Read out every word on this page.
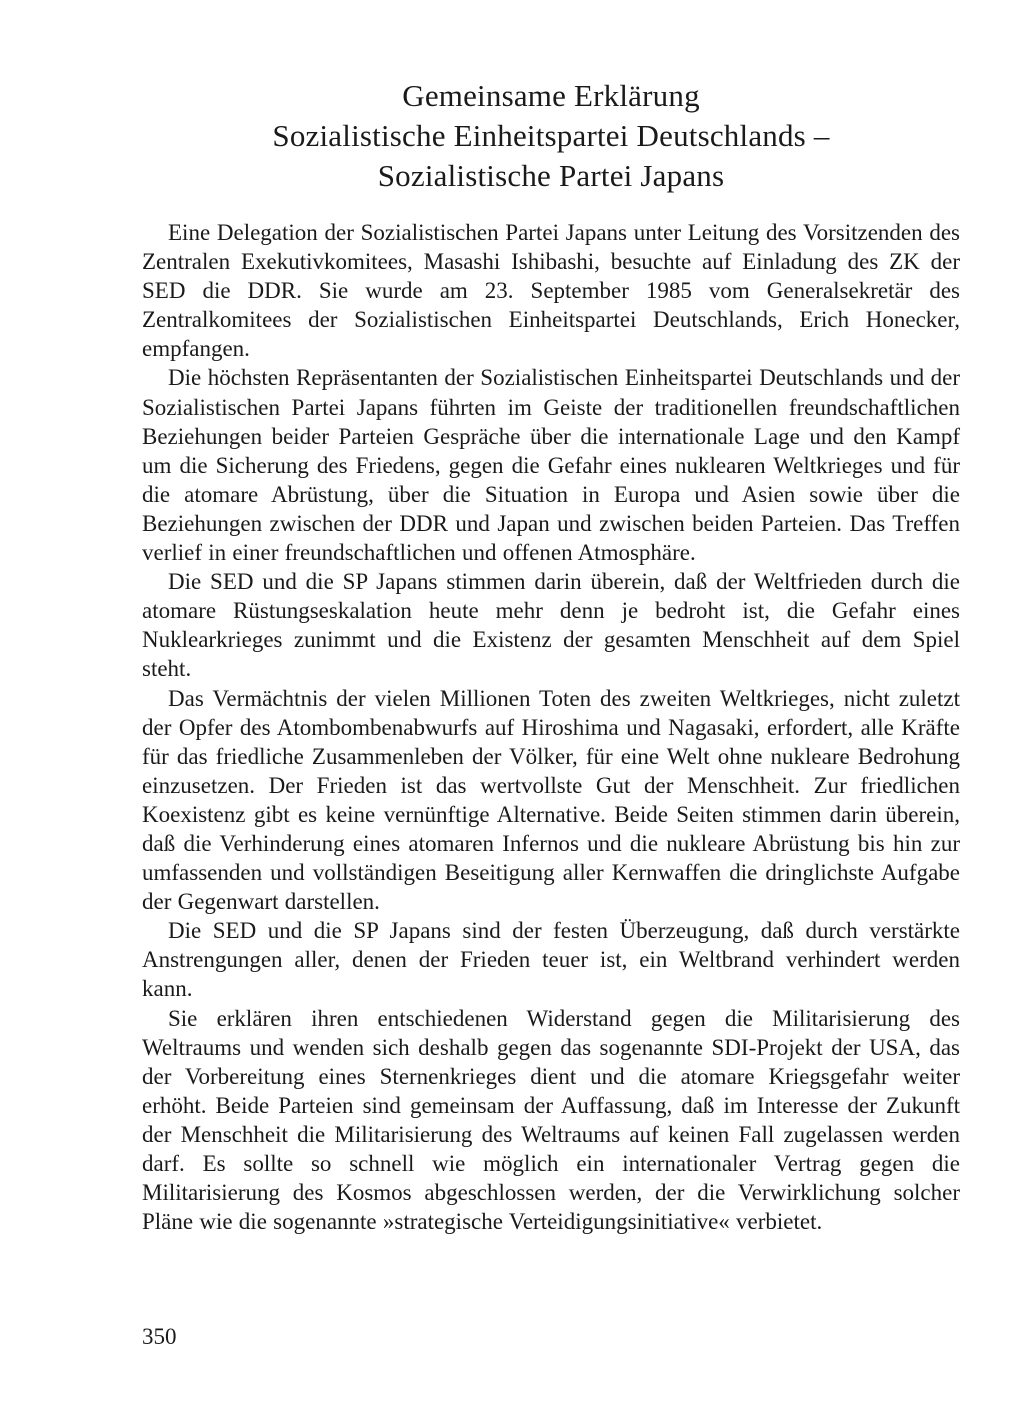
Gemeinsame Erklärung
Sozialistische Einheitspartei Deutschlands –
Sozialistische Partei Japans

Eine Delegation der Sozialistischen Partei Japans unter Leitung des Vorsitzenden des Zentralen Exekutivkomitees, Masashi Ishibashi, besuchte auf Einladung des ZK der SED die DDR. Sie wurde am 23. September 1985 vom Generalsekretär des Zentralkomitees der Sozialistischen Einheitspartei Deutschlands, Erich Honecker, empfangen.

Die höchsten Repräsentanten der Sozialistischen Einheitspartei Deutschlands und der Sozialistischen Partei Japans führten im Geiste der traditionellen freundschaftlichen Beziehungen beider Parteien Gespräche über die internationale Lage und den Kampf um die Sicherung des Friedens, gegen die Gefahr eines nuklearen Weltkrieges und für die atomare Abrüstung, über die Situation in Europa und Asien sowie über die Beziehungen zwischen der DDR und Japan und zwischen beiden Parteien. Das Treffen verlief in einer freundschaftlichen und offenen Atmosphäre.

Die SED und die SP Japans stimmen darin überein, daß der Weltfrieden durch die atomare Rüstungseskalation heute mehr denn je bedroht ist, die Gefahr eines Nuklearkrieges zunimmt und die Existenz der gesamten Menschheit auf dem Spiel steht.

Das Vermächtnis der vielen Millionen Toten des zweiten Weltkrieges, nicht zuletzt der Opfer des Atombombenabwurfs auf Hiroshima und Nagasaki, erfordert, alle Kräfte für das friedliche Zusammenleben der Völker, für eine Welt ohne nukleare Bedrohung einzusetzen. Der Frieden ist das wertvollste Gut der Menschheit. Zur friedlichen Koexistenz gibt es keine vernünftige Alternative. Beide Seiten stimmen darin überein, daß die Verhinderung eines atomaren Infernos und die nukleare Abrüstung bis hin zur umfassenden und vollständigen Beseitigung aller Kernwaffen die dringlichste Aufgabe der Gegenwart darstellen.

Die SED und die SP Japans sind der festen Überzeugung, daß durch verstärkte Anstrengungen aller, denen der Frieden teuer ist, ein Weltbrand verhindert werden kann.

Sie erklären ihren entschiedenen Widerstand gegen die Militarisierung des Weltraums und wenden sich deshalb gegen das sogenannte SDI-Projekt der USA, das der Vorbereitung eines Sternenkrieges dient und die atomare Kriegsgefahr weiter erhöht. Beide Parteien sind gemeinsam der Auffassung, daß im Interesse der Zukunft der Menschheit die Militarisierung des Weltraums auf keinen Fall zugelassen werden darf. Es sollte so schnell wie möglich ein internationaler Vertrag gegen die Militarisierung des Kosmos abgeschlossen werden, der die Verwirklichung solcher Pläne wie die sogenannte »strategische Verteidigungsinitiative« verbietet.

350
